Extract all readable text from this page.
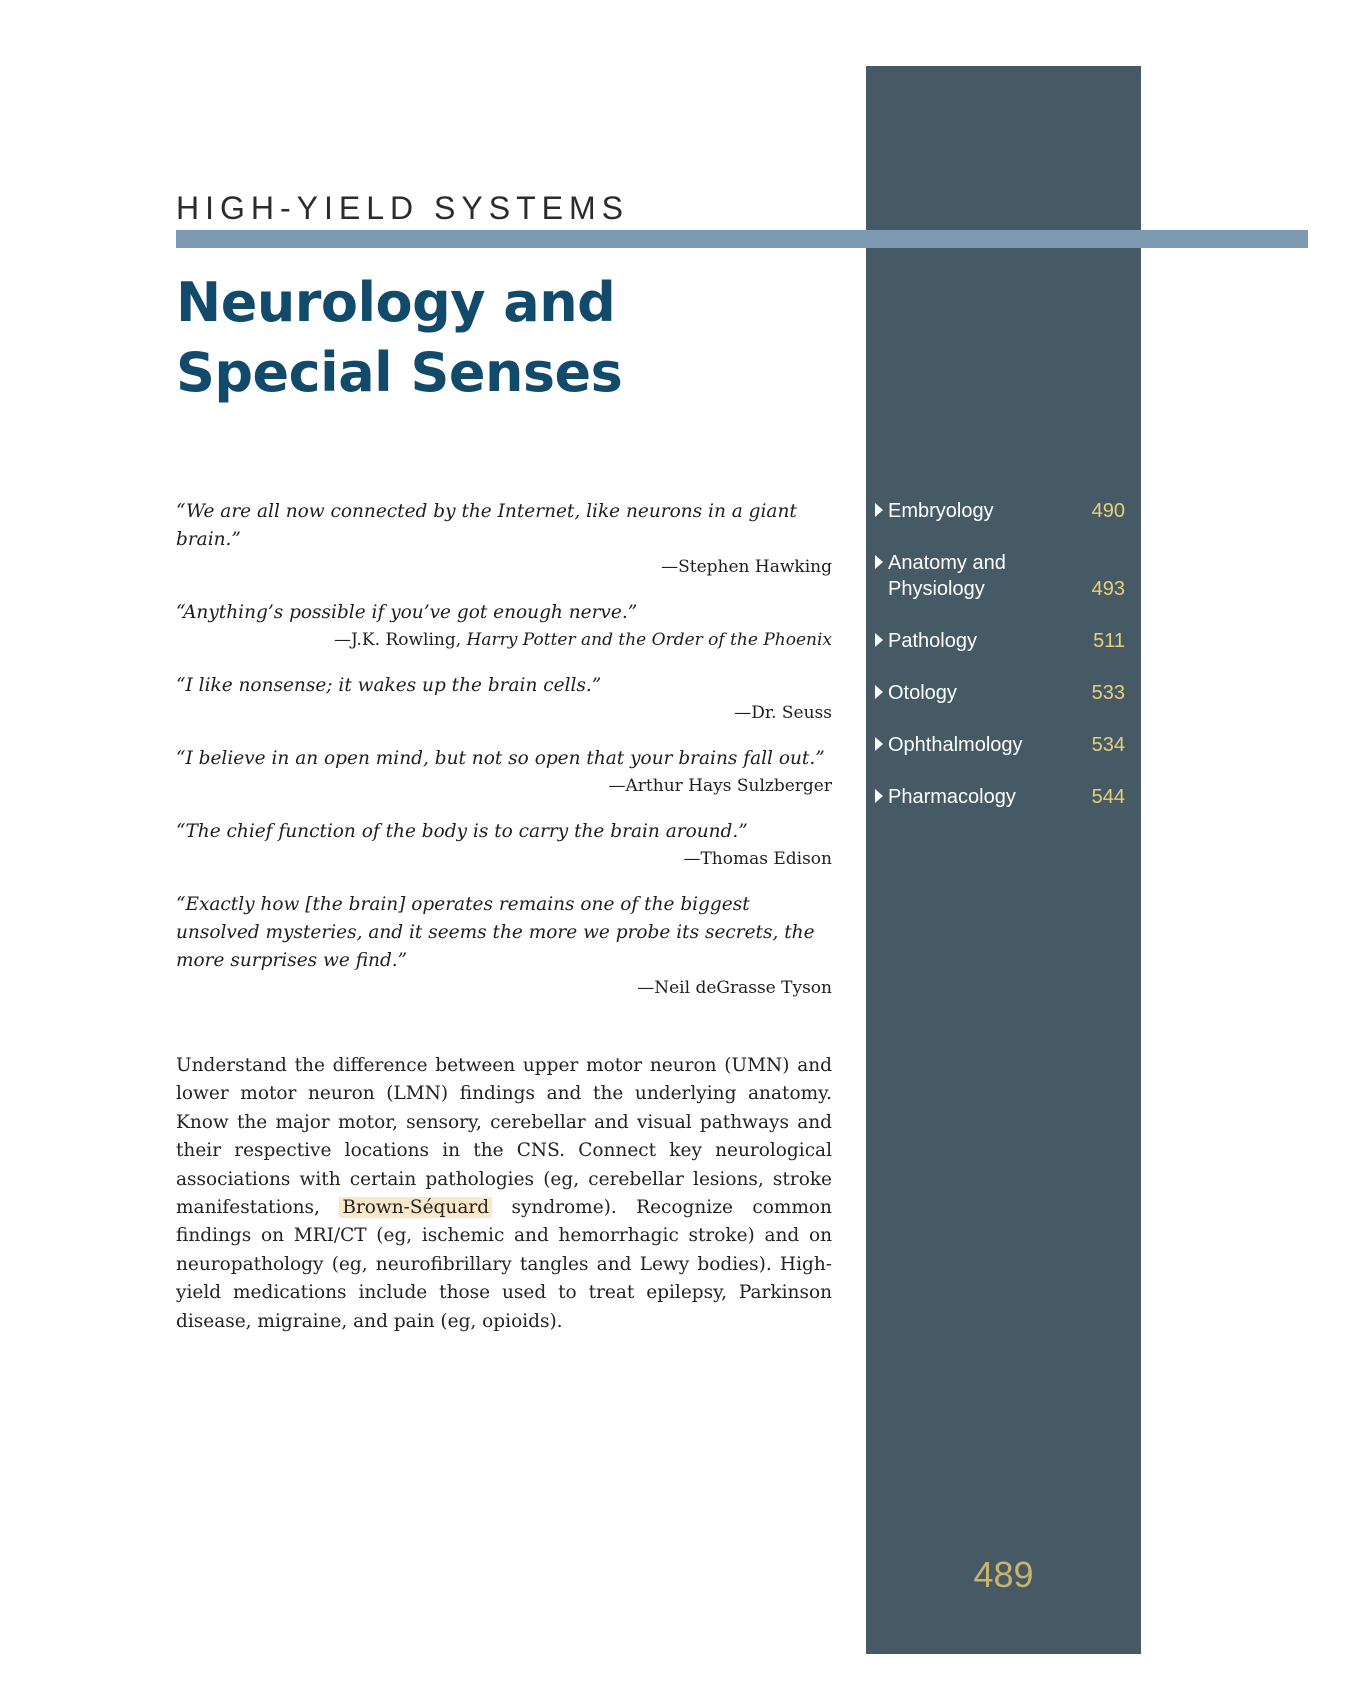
HIGH-YIELD SYSTEMS
Neurology and
Special Senses

“We are all now connected by the Internet, like neurons in a giant brain.”

—Stephen Hawking

“Anything’s possible if you’ve got enough nerve.”

—J.K. Rowling, Harry Potter and the Order of the Phoenix

“I like nonsense; it wakes up the brain cells.”

—Dr. Seuss

“I believe in an open mind, but not so open that your brains fall out.”

—Arthur Hays Sulzberger

“The chief function of the body is to carry the brain around.”

—Thomas Edison

“Exactly how [the brain] operates remains one of the biggest unsolved mysteries, and it seems the more we probe its secrets, the more surprises we find.”

—Neil deGrasse Tyson

Understand the difference between upper motor neuron (UMN) and lower motor neuron (LMN) findings and the underlying anatomy. Know the major motor, sensory, cerebellar and visual pathways and their respective locations in the CNS. Connect key neurological associations with certain pathologies (eg, cerebellar lesions, stroke manifestations, Brown-Séquard syndrome). Recognize common findings on MRI/CT (eg, ischemic and hemorrhagic stroke) and on neuropathology (eg, neurofibrillary tangles and Lewy bodies). High-yield medications include those used to treat epilepsy, Parkinson disease, migraine, and pain (eg, opioids).

Embryology	490
Anatomy and Physiology	493
Pathology	511
Otology	533
Ophthalmology	534
Pharmacology	544
489
